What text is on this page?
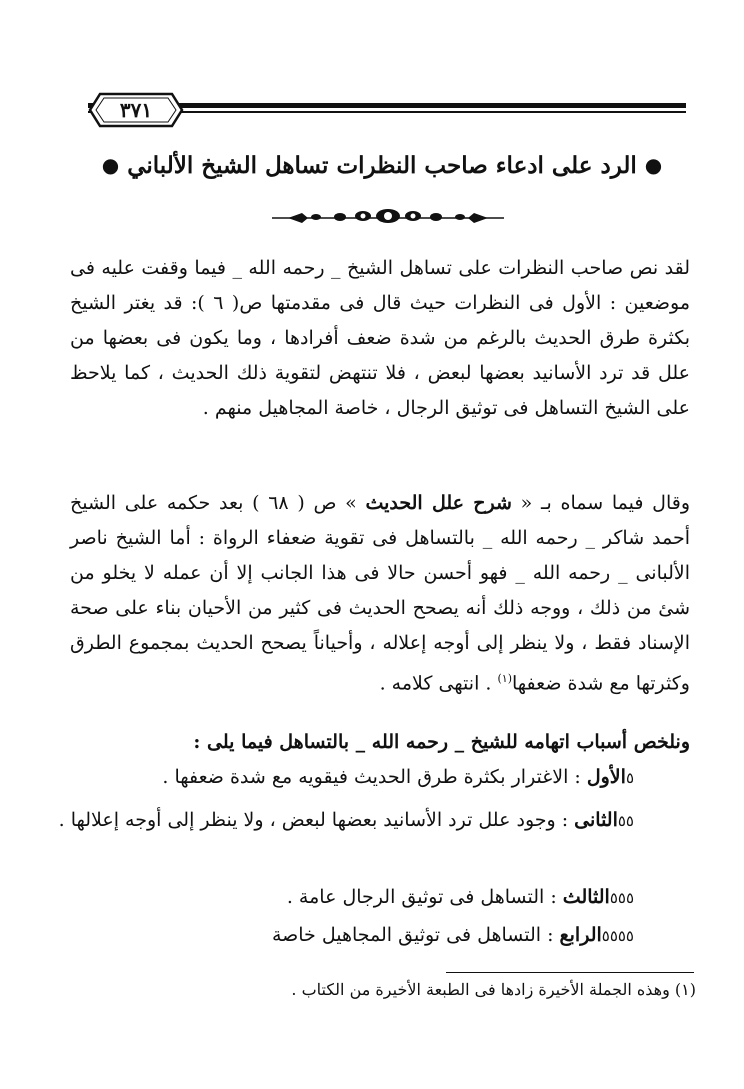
٣٧١
● الرد على ادعاء صاحب النظرات تساهل الشيخ الألباني ●
لقد نص صاحب النظرات على تساهل الشيخ _ رحمه الله _ فيما وقفت عليه فى موضعين : الأول فى النظرات حيث قال فى مقدمتها ص( ٦ ): قد يغتر الشيخ بكثرة طرق الحديث بالرغم من شدة ضعف أفرادها ، وما يكون فى بعضها من علل قد ترد الأسانيد بعضها لبعض ، فلا تنتهض لتقوية ذلك الحديث ، كما يلاحظ على الشيخ التساهل فى توثيق الرجال ، خاصة المجاهيل منهم .
وقال فيما سماه بـ « شرح علل الحديث » ص ( ٦٨ ) بعد حكمه على الشيخ أحمد شاكر _ رحمه الله _ بالتساهل فى تقوية ضعفاء الرواة : أما الشيخ ناصر الألبانى _ رحمه الله _ فهو أحسن حالا فى هذا الجانب إلا أن عمله لا يخلو من شئ من ذلك ، ووجه ذلك أنه يصحح الحديث فى كثير من الأحيان بناء على صحة الإسناد فقط ، ولا ينظر إلى أوجه إعلاله ، وأحياناً يصحح الحديث بمجموع الطرق وكثرتها مع شدة ضعفها$^{(١)}$ . انتهى كلامه .
ونلخص أسباب اتهامه للشيخ _ رحمه الله _ بالتساهل فيما يلى :
٥الأول : الاغترار بكثرة طرق الحديث فيقويه مع شدة ضعفها .
٥٥الثانى : وجود علل ترد الأسانيد بعضها لبعض ، ولا ينظر إلى أوجه إعلالها .
٥٥٥الثالث : التساهل فى توثيق الرجال عامة .
٥٥٥٥الرابع : التساهل فى توثيق المجاهيل خاصة
(١) وهذه الجملة الأخيرة زادها فى الطبعة الأخيرة من الكتاب .
